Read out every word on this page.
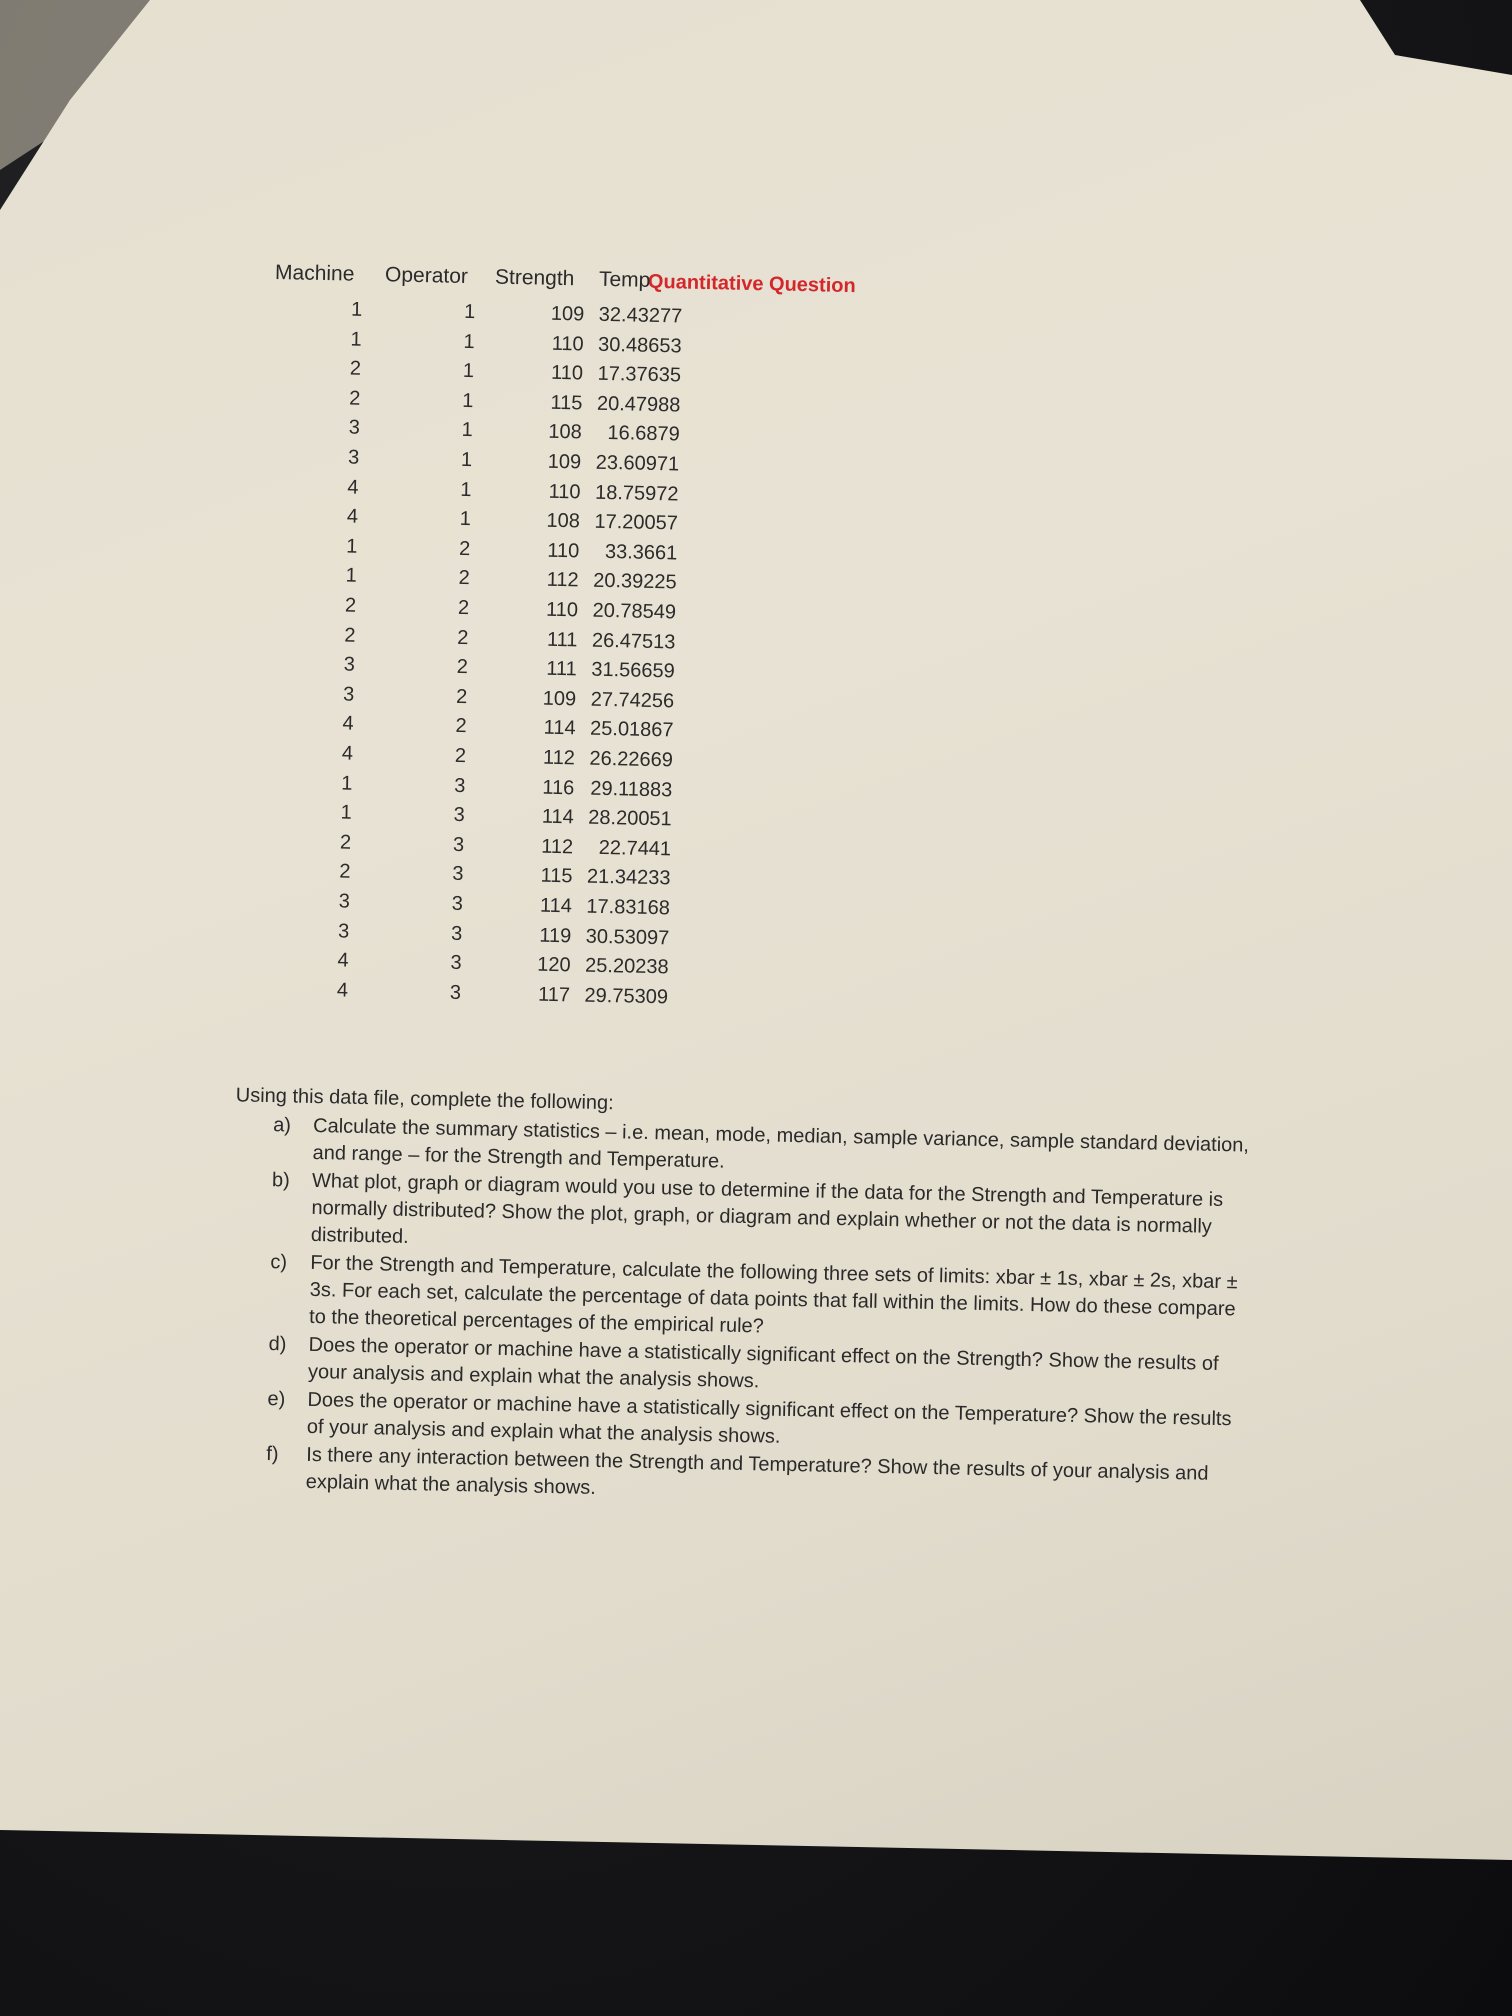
Quantitative Question
Machine Operator Strength Temp
1	1	109 32.43277
1	1	110 30.48653
2	1	110 17.37635
2	1	115 20.47988
3	1	108	16.6879
3	1	109 23.60971
4	1	110 18.75972
4	1	108 17.20057
1	2	110	33.3661
1	2	112 20.39225
2	2	110 20.78549
2	2	111 26.47513
3	2	111 31.56659
3	2	109 27.74256
4	2	114 25.01867
4	2	112 26.22669
1	3	116 29.11883
1	3	114 28.20051
2	3	112	22.7441
2	3	115 21.34233
3	3	114 17.83168
3	3	119 30.53097
4	3	120 25.20238
4	3	117 29.75309
Using this data file, complete the following:
a) Calculate the summary statistics – i.e. mean, mode, median, sample variance, sample standard deviation, and range – for the Strength and Temperature.
b) What plot, graph or diagram would you use to determine if the data for the Strength and Temperature is normally distributed? Show the plot, graph, or diagram and explain whether or not the data is normally distributed.
c) For the Strength and Temperature, calculate the following three sets of limits: xbar ± 1s, xbar ± 2s, xbar ± 3s. For each set, calculate the percentage of data points that fall within the limits. How do these compare to the theoretical percentages of the empirical rule?
d) Does the operator or machine have a statistically significant effect on the Strength? Show the results of your analysis and explain what the analysis shows.
e) Does the operator or machine have a statistically significant effect on the Temperature? Show the results of your analysis and explain what the analysis shows.
f) Is there any interaction between the Strength and Temperature? Show the results of your analysis and explain what the analysis shows.
